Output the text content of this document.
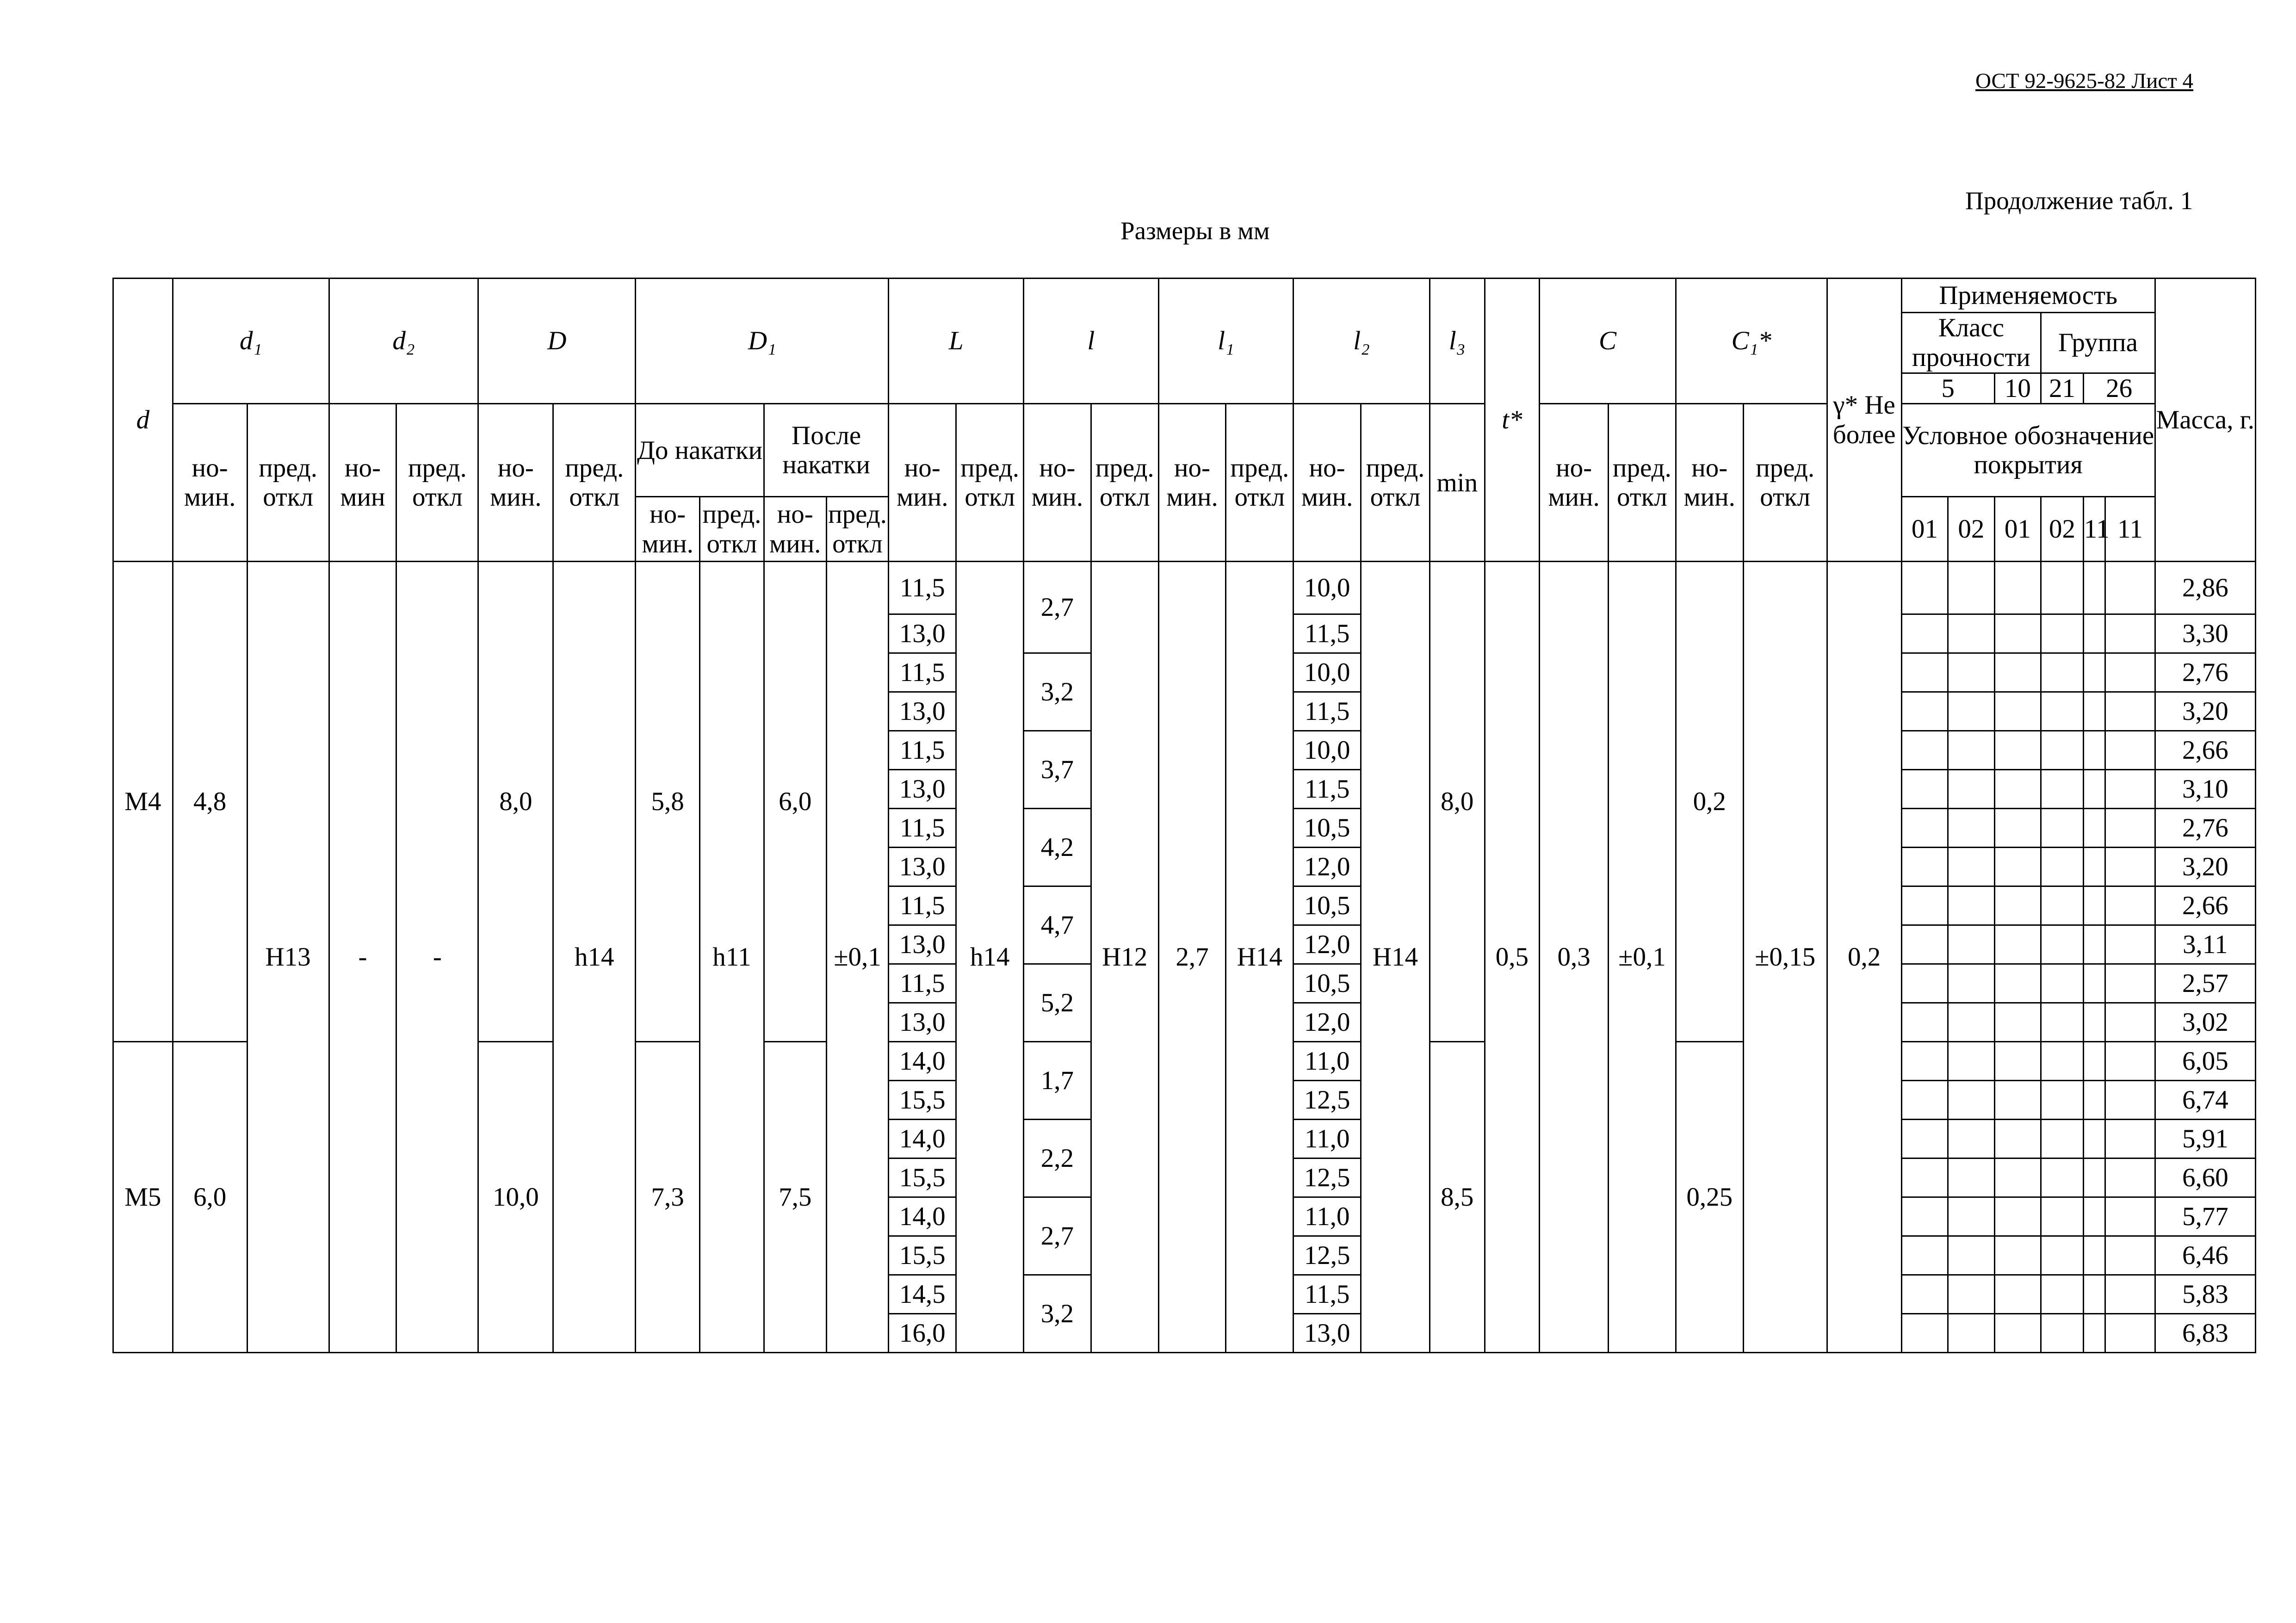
ОСТ 92-9625-82 Лист 4
Продолжение табл. 1
Размеры в мм
d	d₁		d₂		D		D₁				L		l		l₁		l₂		l₃	t*	C		C₁*		γ* Не более	Применяемость						Масса, г.
																										Класс прочности			Группа			
																										5		10	21	26		
	но-мин.	пред. откл	но-мин	пред. откл	но-мин.	пред. откл	До накатки		После накатки		но-мин.	пред. откл	но-мин.	пред. откл	но-мин.	пред. откл	но-мин.	пред. откл	min		но-мин.	пред. откл	но-мин.	пред. откл		Условное обозначение покрытия						

							но-мин.	пред. откл	но-мин.	пред. откл																01	02	01	02	11	11	
M4	4,8	H13	-	-	8,0	h14	5,8	h11	6,0	±0,1	11,5	h14	2,7	H12	2,7	H14	10,0	H14	8,0	0,5	0,3	±0,1	0,2	±0,15	0,2							2,86
											13,0						11,5															3,30
											11,5		3,2				10,0															2,76
											13,0						11,5															3,20
											11,5		3,7				10,0															2,66
											13,0						11,5															3,10
											11,5		4,2				10,5															2,76
											13,0						12,0															3,20
											11,5		4,7				10,5															2,66
											13,0						12,0															3,11
											11,5		5,2				10,5															2,57
											13,0						12,0															3,02
M5	6,0				10,0		7,3		7,5		14,0		1,7				11,0		8,5				0,25									6,05
											15,5						12,5															6,74
											14,0		2,2				11,0															5,91
											15,5						12,5															6,60
											14,0		2,7				11,0															5,77
											15,5						12,5															6,46
											14,5		3,2				11,5															5,83
											16,0						13,0															6,83
